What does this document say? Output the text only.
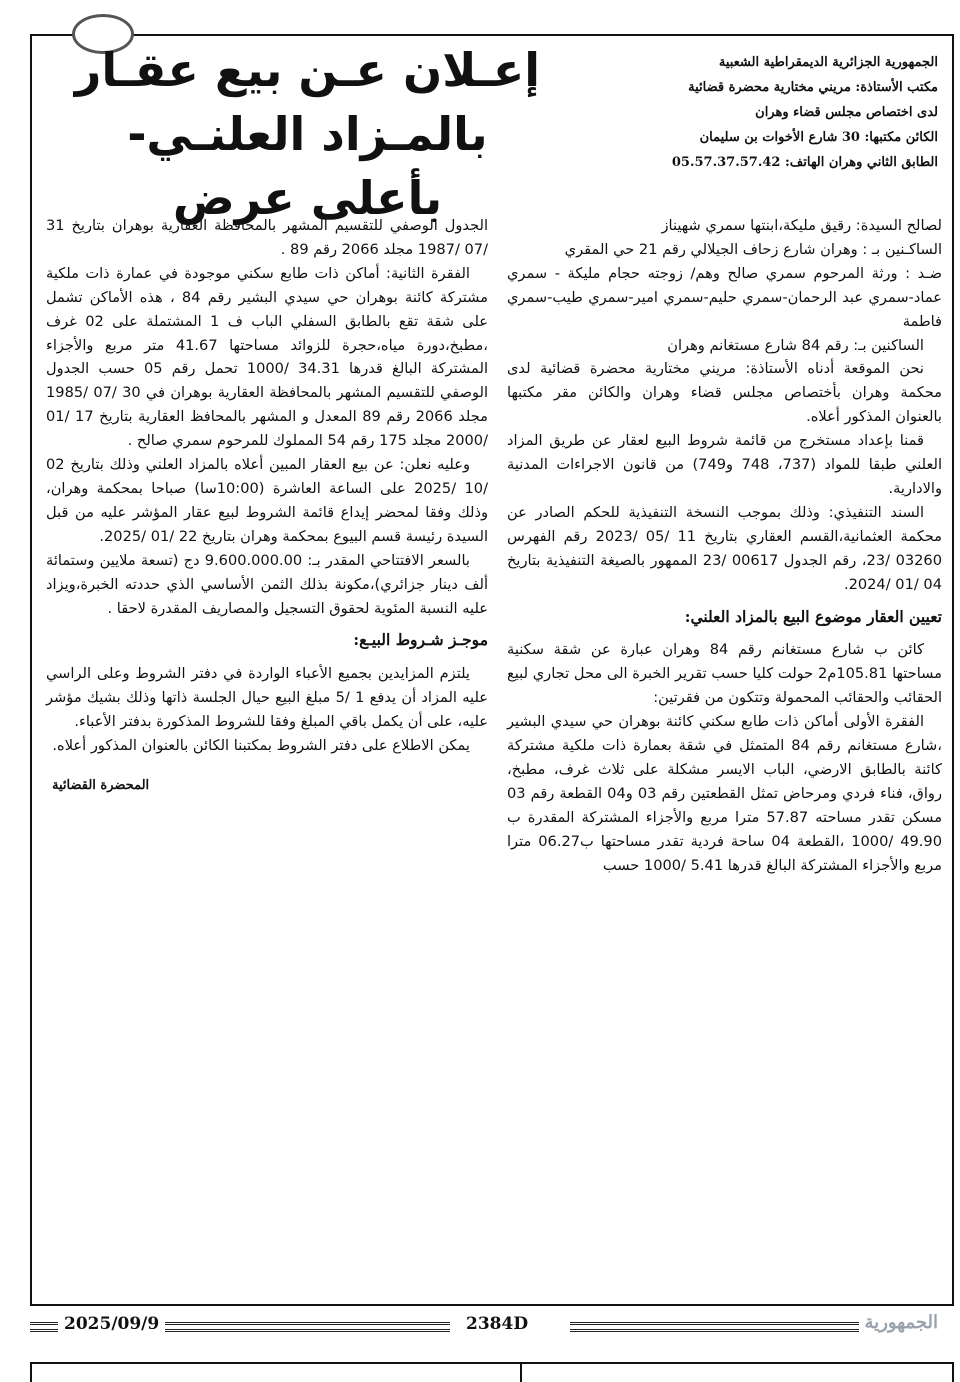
الجمهورية الجزائرية الديمقراطية الشعبية
مكتب الأستاذة: مريني مختارية محضرة قضائية
لدى اختصاص مجلس قضاء وهران
الكائن مكتبها: 30 شارع الأخوات بن سليمان
الطابق الثاني وهران الهاتف: 05.57.37.57.42
إعـلان عـن بيع عقـار
بالمـزاد العلنـي-بأعلى عرض

لصالح السيدة: رقيق مليكة،ابنتها سمري شهيناز

الساكـنين بـ : وهران شارع زحاف الجيلالي رقم 21 حي المقري

ضـد : ورثة المرحوم سمري صالح وهم/ زوجته حجام مليكة - سمري عماد-سمري عبد الرحمان-سمري حليم-سمري امير-سمري طيب-سمري فاطمة

الساكنين بـ: رقم 84 شارع مستغانم وهران

نحن الموقعة أدناه الأستاذة: مريني مختارية محضرة قضائية لدى محكمة وهران بأختصاص مجلس قضاء وهران والكائن مقر مكتبها بالعنوان المذكور أعلاه.

قمنا بإعداد مستخرج من قائمة شروط البيع لعقار عن طريق المزاد العلني طبقا للمواد (737، 748 و749) من قانون الاجراءات المدنية والادارية.

السند التنفيذي: وذلك بموجب النسخة التنفيذية للحكم الصادر عن محكمة العثمانية،القسم العقاري بتاريخ 11 /05 /2023 رقم الفهرس 03260 /23، رقم الجدول 00617 /23 الممهور بالصيغة التنفيذية بتاريخ 04 /01 /2024.

تعيين العقار موضوع البيع بالمزاد العلني:

كائن ب شارع مستغانم رقم 84 وهران عبارة عن شقة سكنية مساحتها 105.81م2 حولت كليا حسب تقرير الخبرة الى محل تجاري لبيع الحقائب والحقائب المحمولة وتتكون من فقرتين:

الفقرة الأولى أماكن ذات طابع سكني كائنة بوهران حي سيدي البشير ،شارع مستغانم رقم 84 المتمثل في شقة بعمارة ذات ملكية مشتركة كائنة بالطابق الارضي، الباب الايسر مشكلة على ثلاث غرف، مطبخ، رواق، فناء فردي ومرحاض تمثل القطعتين رقم 03 و04 القطعة رقم 03 مسكن تقدر مساحته 57.87 مترا مربع والأجزاء المشتركة المقدرة ب 49.90 /1000 ،القطعة 04 ساحة فردية تقدر مساحتها ب06.27 مترا مربع والأجزاء المشتركة البالغ قدرها 5.41 /1000 حسب

الجدول الوصفي للتقسيم المشهر بالمحافظة العقارية بوهران بتاريخ 31 /07 /1987 مجلد 2066 رقم 89 .

الفقرة الثانية: أماكن ذات طابع سكني موجودة في عمارة ذات ملكية مشتركة كائنة بوهران حي سيدي البشير رقم 84 ، هذه الأماكن تشمل على شقة تقع بالطابق السفلي الباب ف 1 المشتملة على 02 غرف ،مطبخ،دورة مياه،حجرة للزوائد مساحتها 41.67 متر مربع والأجزاء المشتركة البالغ قدرها 34.31 /1000 تحمل رقم 05 حسب الجدول الوصفي للتقسيم المشهر بالمحافظة العقارية بوهران في 30 /07 /1985 مجلد 2066 رقم 89 المعدل و المشهر بالمحافظ العقارية بتاريخ 17 /01 /2000 مجلد 175 رقم 54 المملوك للمرحوم سمري صالح .

وعليه نعلن: عن بيع العقار المبين أعلاه بالمزاد العلني وذلك بتاريخ 02 /10 /2025 على الساعة العاشرة (10:00سا) صباحا بمحكمة وهران، وذلك وفقا لمحضر إيداع قائمة الشروط لبيع عقار المؤشر عليه من قبل السيدة رئيسة قسم البيوع بمحكمة وهران بتاريخ 22 /01 /2025.

بالسعر الافتتاحي المقدر بـ: 9.600.000.00 دج (تسعة ملايين وستمائة ألف دينار جزائري)،مكونة بذلك الثمن الأساسي الذي حددته الخبرة،ويزاد عليه النسبة المئوية لحقوق التسجيل والمصاريف المقدرة لاحقا .

موجـز شـروط البيـع:

يلتزم المزايدين بجميع الأعباء الواردة في دفتر الشروط وعلى الراسي عليه المزاد أن يدفع 1 /5 مبلغ البيع حيال الجلسة ذاتها وذلك بشيك مؤشر عليه، على أن يكمل باقي المبلغ وفقا للشروط المذكورة بدفتر الأعباء.

يمكن الاطلاع على دفتر الشروط بمكتبنا الكائن بالعنوان المذكور أعلاه.

المحضرة القضائية
2025/09/9	2384D	الجمهورية
